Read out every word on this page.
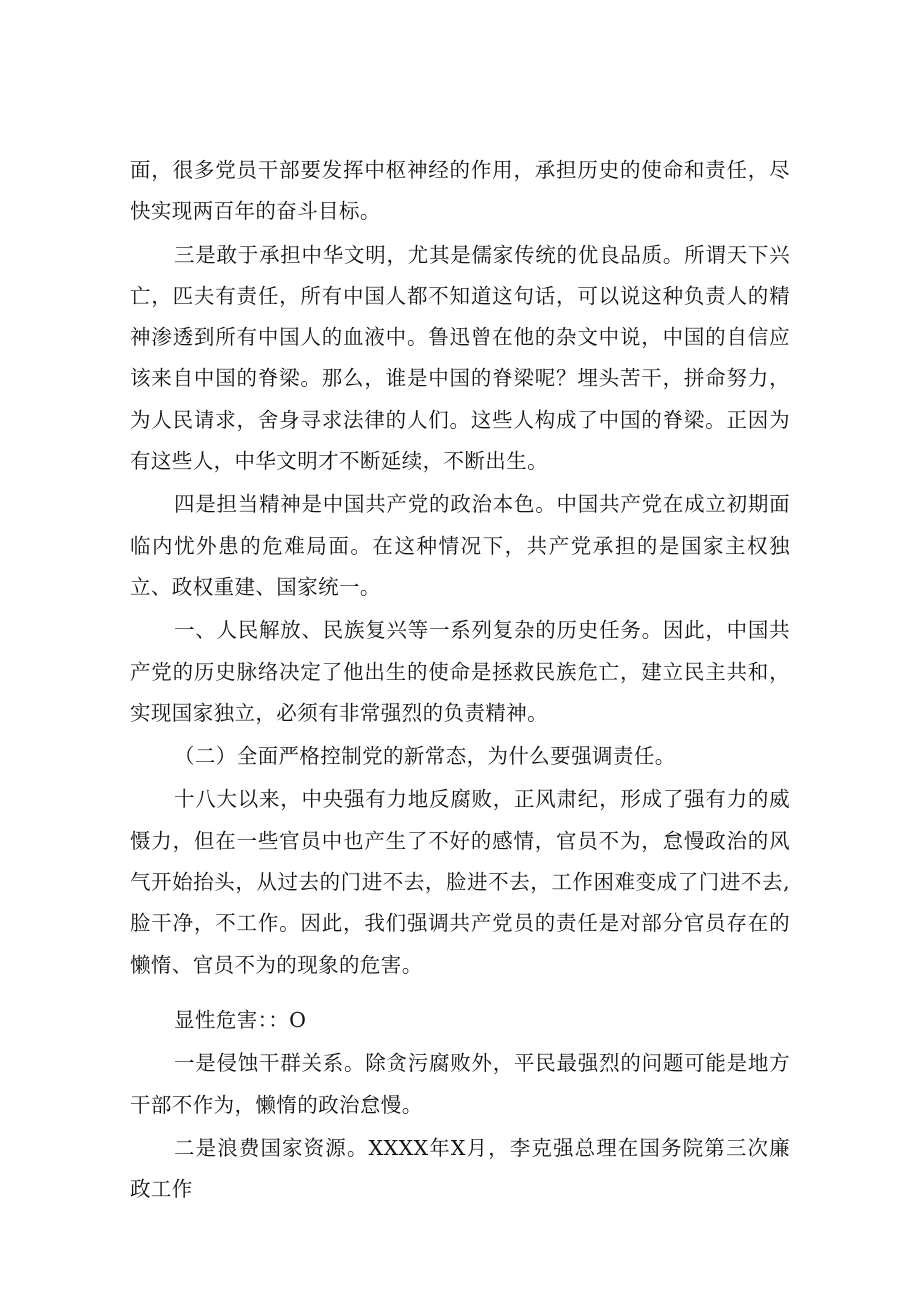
面，很多党员干部要发挥中枢神经的作用，承担历史的使命和责任，尽快实现两百年的奋斗目标。

三是敢于承担中华文明，尤其是儒家传统的优良品质。所谓天下兴亡，匹夫有责任，所有中国人都不知道这句话，可以说这种负责人的精神渗透到所有中国人的血液中。鲁迅曾在他的杂文中说，中国的自信应该来自中国的脊梁。那么，谁是中国的脊梁呢？埋头苦干，拼命努力，为人民请求，舍身寻求法律的人们。这些人构成了中国的脊梁。正因为有这些人，中华文明才不断延续，不断出生。

四是担当精神是中国共产党的政治本色。中国共产党在成立初期面临内忧外患的危难局面。在这种情况下，共产党承担的是国家主权独立、政权重建、国家统一。

一、人民解放、民族复兴等一系列复杂的历史任务。因此，中国共产党的历史脉络决定了他出生的使命是拯救民族危亡，建立民主共和，实现国家独立，必须有非常强烈的负责精神。

（二）全面严格控制党的新常态，为什么要强调责任。

十八大以来，中央强有力地反腐败，正风肃纪，形成了强有力的威慑力，但在一些官员中也产生了不好的感情，官员不为，怠慢政治的风气开始抬头，从过去的门进不去，脸进不去，工作困难变成了门进不去,脸干净，不工作。因此，我们强调共产党员的责任是对部分官员存在的懒惰、官员不为的现象的危害。

显性危害：：O

一是侵蚀干群关系。除贪污腐败外，平民最强烈的问题可能是地方干部不作为，懒惰的政治怠慢。

二是浪费国家资源。XXXX年X月，李克强总理在国务院第三次廉政工作
